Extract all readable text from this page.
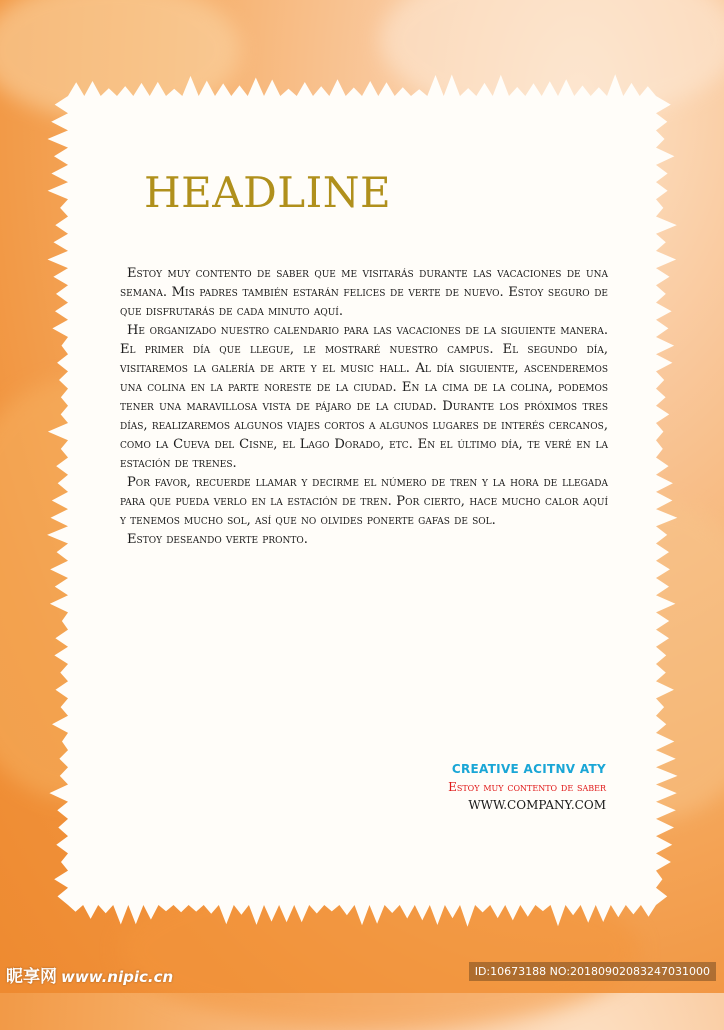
HEADLINE

Estoy muy contento de saber que me visitarás durante las vacaciones de una semana. Mis padres también estarán felices de verte de nuevo. Estoy seguro de que disfrutarás de cada minuto aquí.

He organizado nuestro calendario para las vacaciones de la siguiente manera. El primer día que llegue, le mostraré nuestro campus. El segundo día, visitaremos la galería de arte y el music hall. Al día siguiente, ascenderemos una colina en la parte noreste de la ciudad. En la cima de la colina, podemos tener una maravillosa vista de pájaro de la ciudad. Durante los próximos tres días, realizaremos algunos viajes cortos a algunos lugares de interés cercanos, como la Cueva del Cisne, el Lago Dorado, etc. En el último día, te veré en la estación de trenes.

Por favor, recuerde llamar y decirme el número de tren y la hora de llegada para que pueda verlo en la estación de tren. Por cierto, hace mucho calor aquí y tenemos mucho sol, así que no olvides ponerte gafas de sol.

Estoy deseando verte pronto.

CREATIVE ACITNV ATY
Estoy muy contento de saber
WWW.COMPANY.COM
昵享网 www.nipic.cn	ID:10673188 NO:20180902083247031000
